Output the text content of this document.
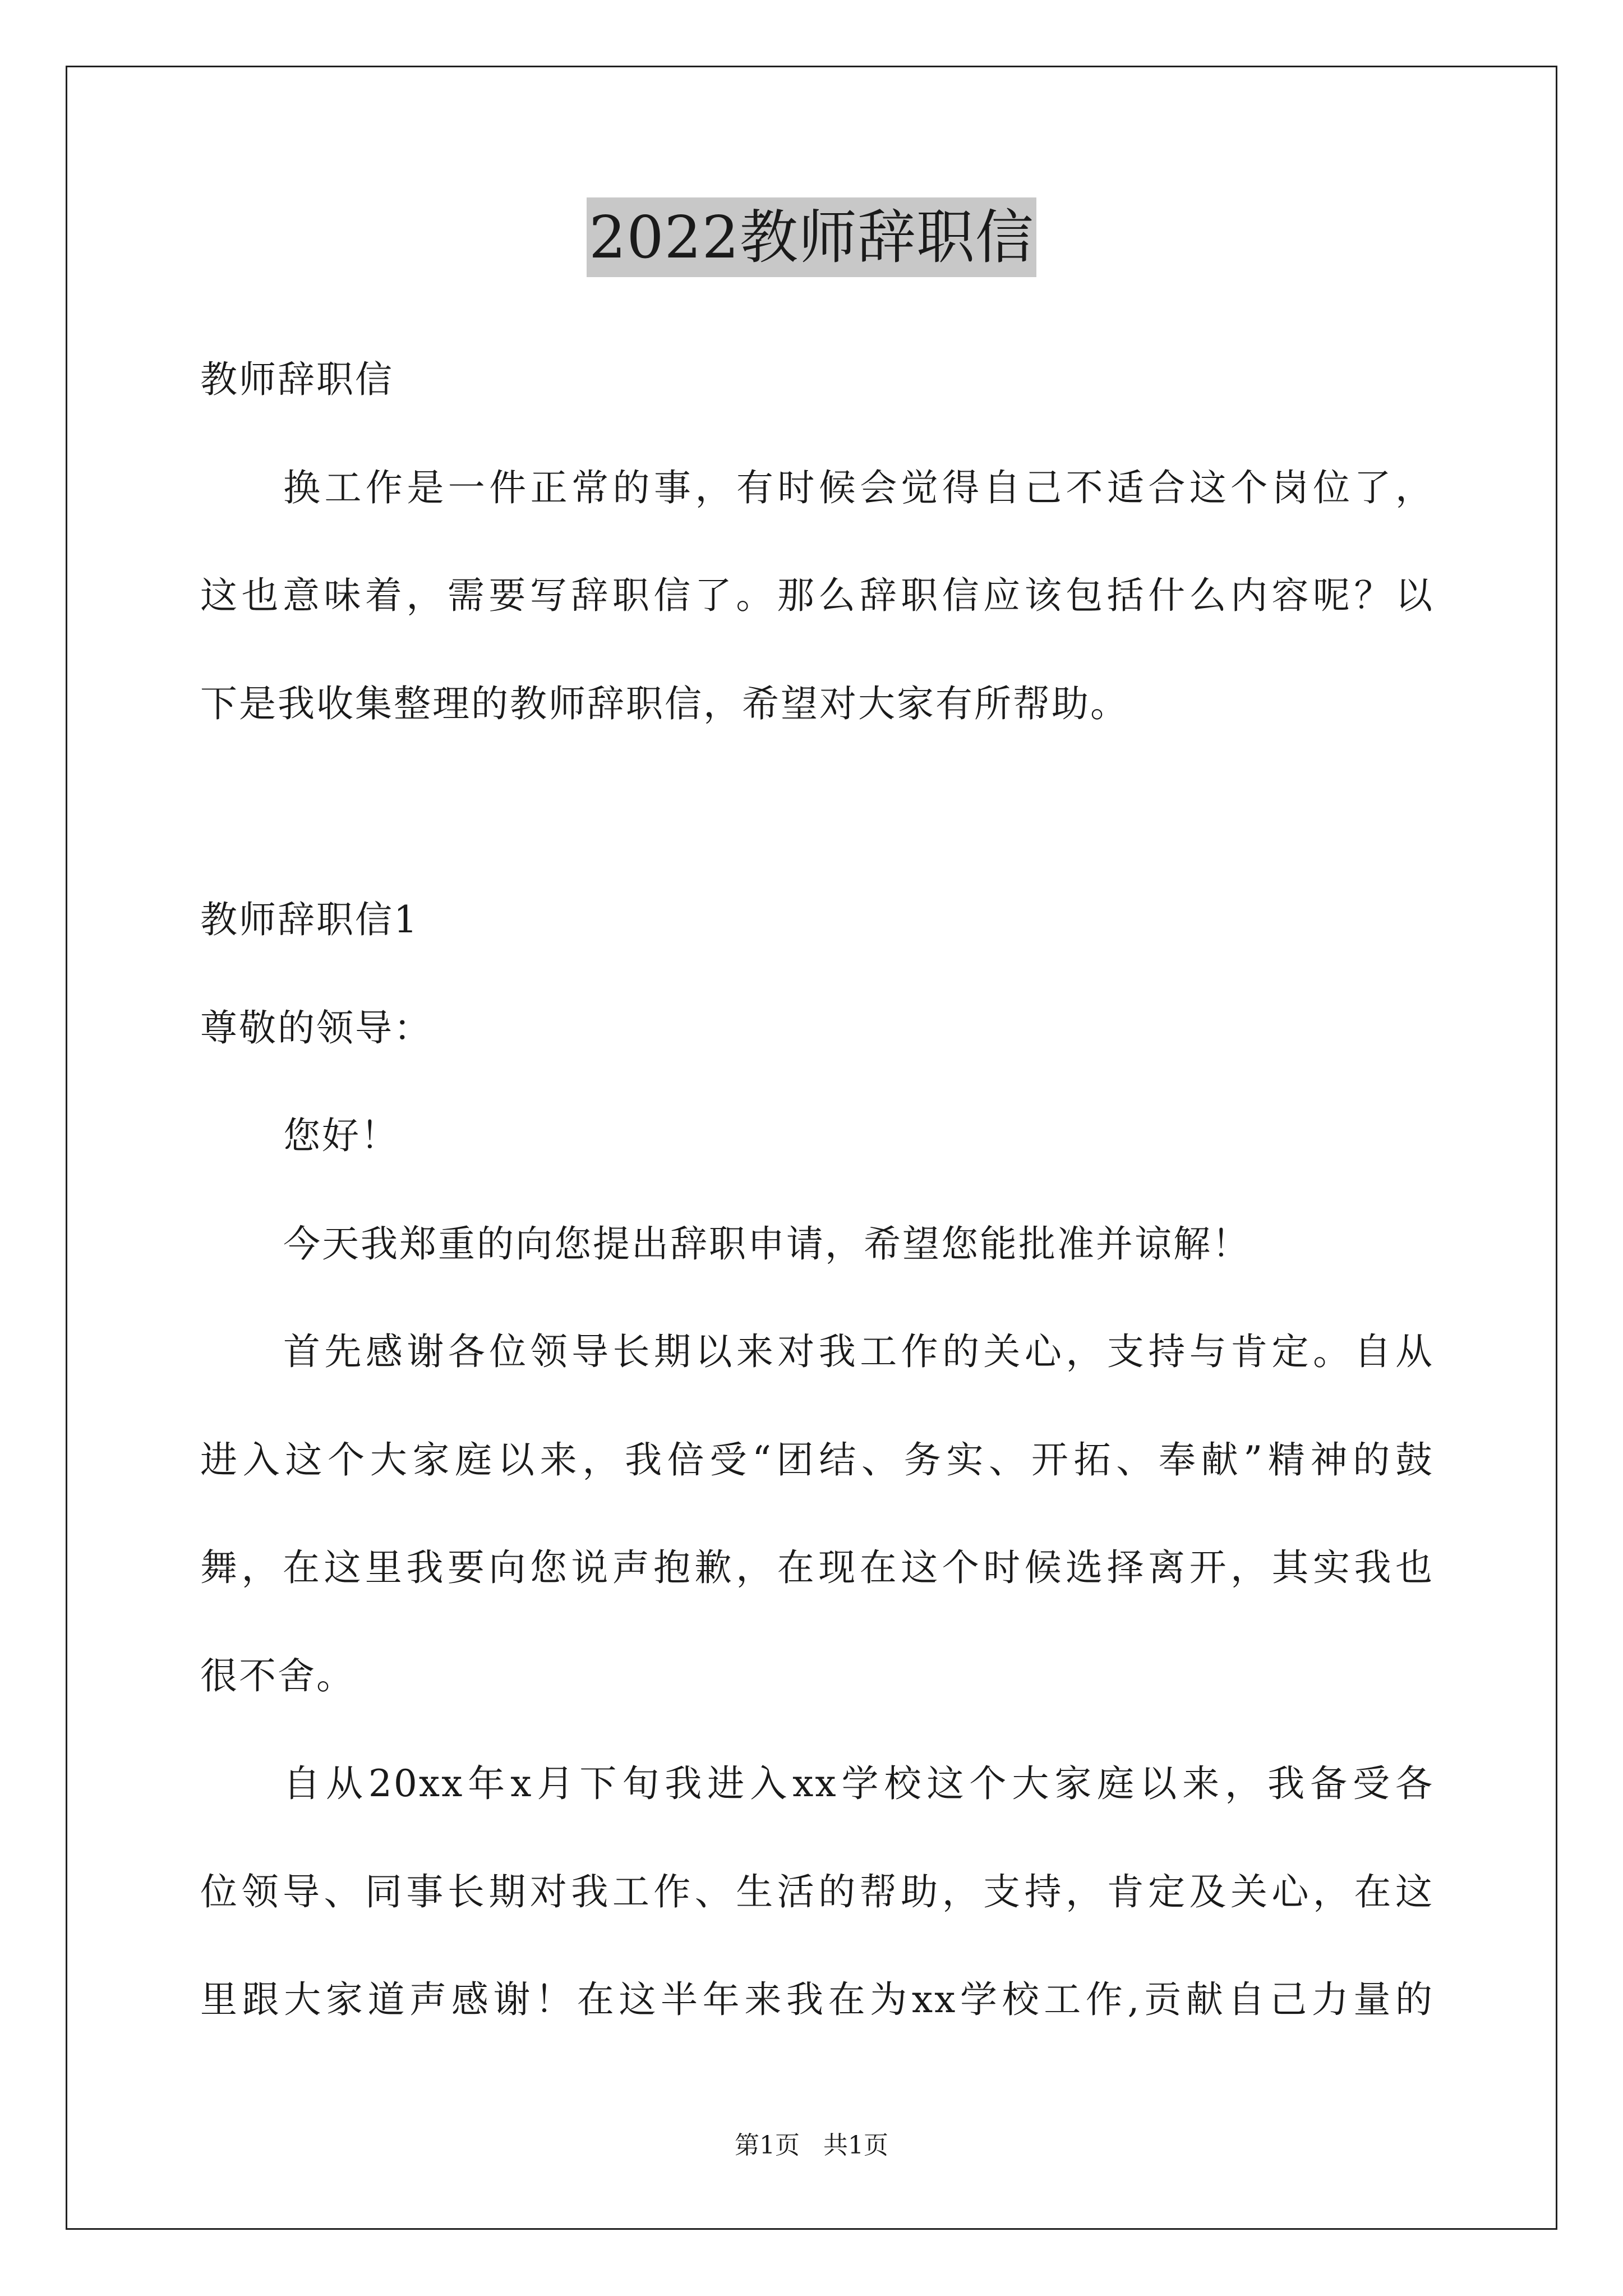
2022教师辞职信
教师辞职信
换工作是一件正常的事，有时候会觉得自己不适合这个岗位了，
这也意味着，需要写辞职信了。那么辞职信应该包括什么内容呢？以
下是我收集整理的教师辞职信，希望对大家有所帮助。
教师辞职信1
尊敬的领导：
您好！
今天我郑重的向您提出辞职申请，希望您能批准并谅解！
首先感谢各位领导长期以来对我工作的关心，支持与肯定。自从
进入这个大家庭以来，我倍受“团结、务实、开拓、奉献”精神的鼓
舞，在这里我要向您说声抱歉，在现在这个时候选择离开，其实我也
很不舍。
自从20xx年x月下旬我进入xx学校这个大家庭以来，我备受各
位领导、同事长期对我工作、生活的帮助，支持，肯定及关心，在这
里跟大家道声感谢！在这半年来我在为xx学校工作,贡献自己力量的
第1页   共1页
